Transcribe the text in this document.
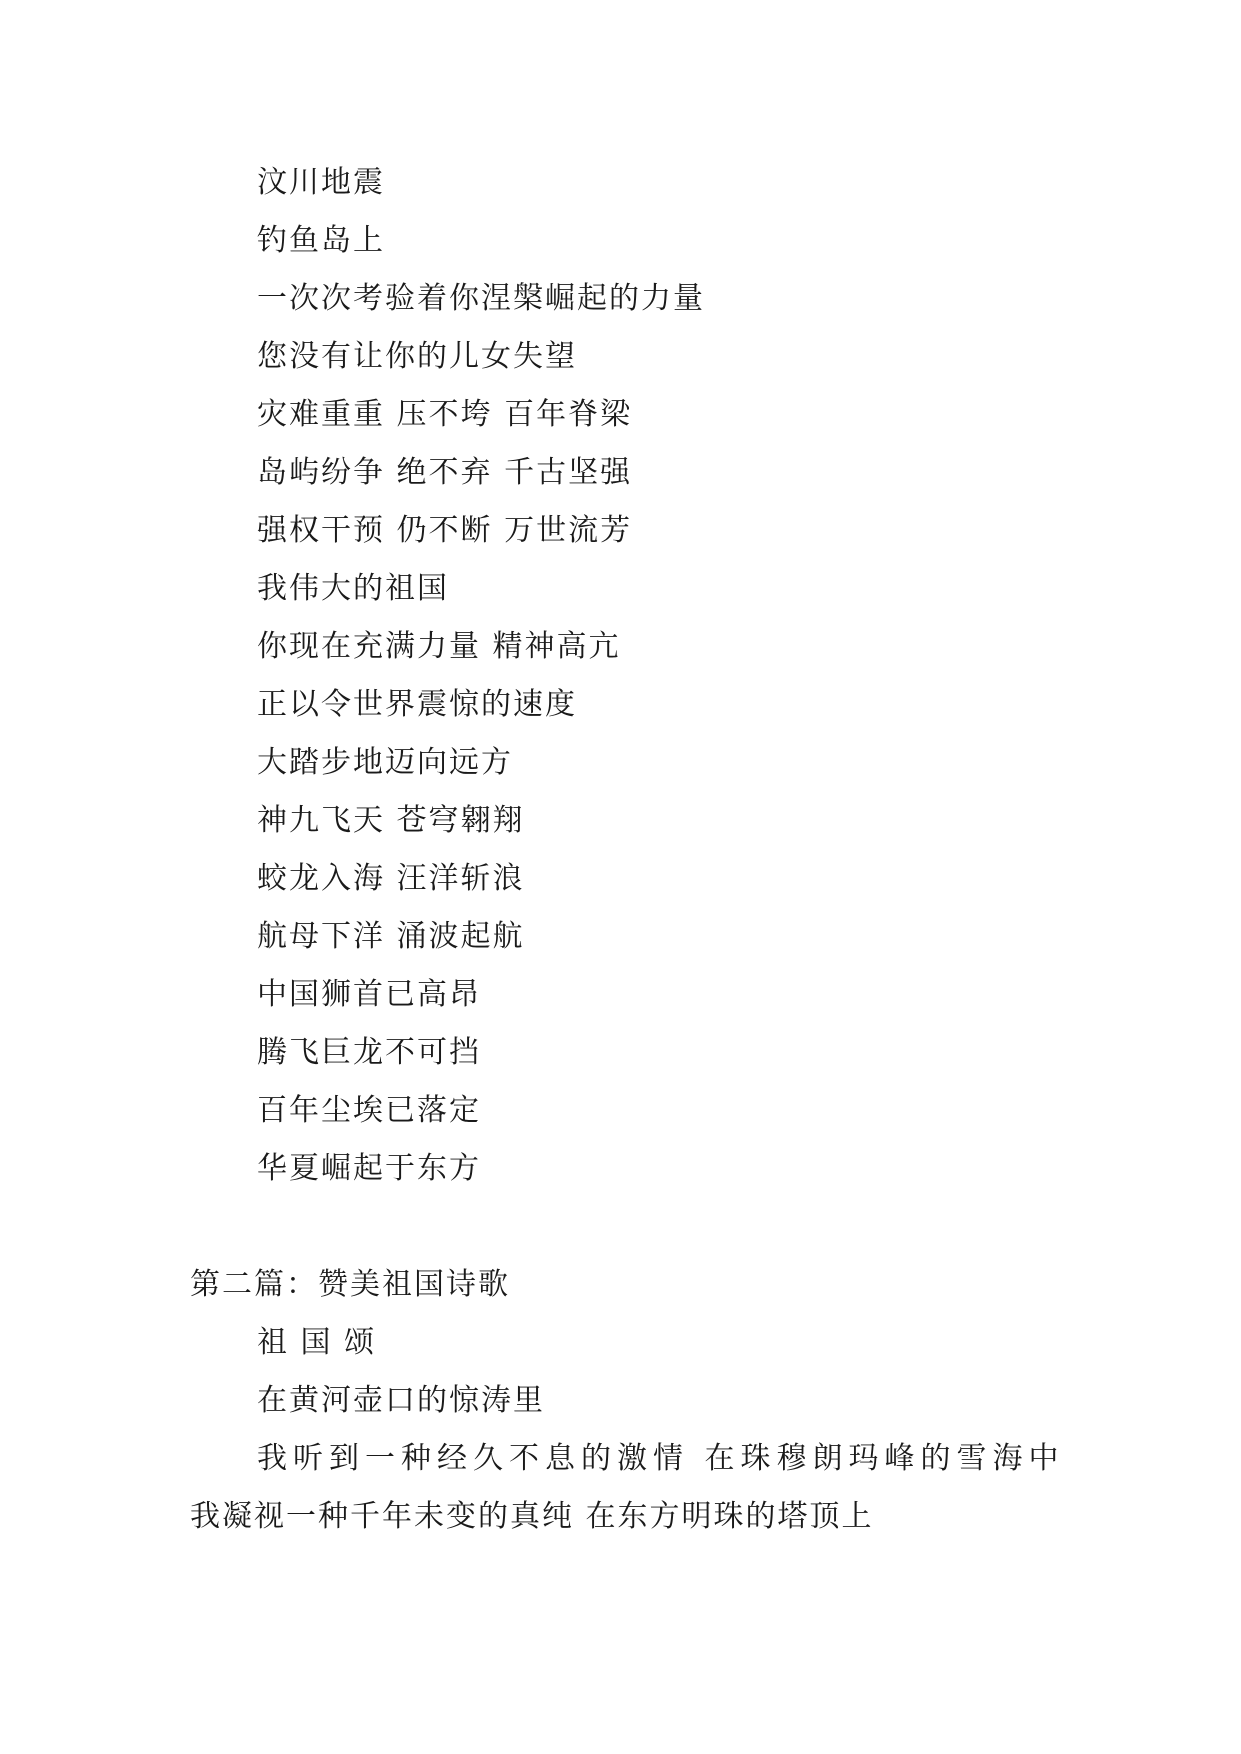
汶川地震
钓鱼岛上
一次次考验着你涅槃崛起的力量
您没有让你的儿女失望
灾难重重 压不垮 百年脊梁
岛屿纷争 绝不弃 千古坚强
强权干预 仍不断 万世流芳
我伟大的祖国
你现在充满力量 精神高亢
正以令世界震惊的速度
大踏步地迈向远方
神九飞天 苍穹翱翔
蛟龙入海 汪洋斩浪
航母下洋 涌波起航
中国狮首已高昂
腾飞巨龙不可挡
百年尘埃已落定
华夏崛起于东方
第二篇：赞美祖国诗歌
祖 国 颂
在黄河壶口的惊涛里
我听到一种经久不息的激情 在珠穆朗玛峰的雪海中
我凝视一种千年未变的真纯 在东方明珠的塔顶上
